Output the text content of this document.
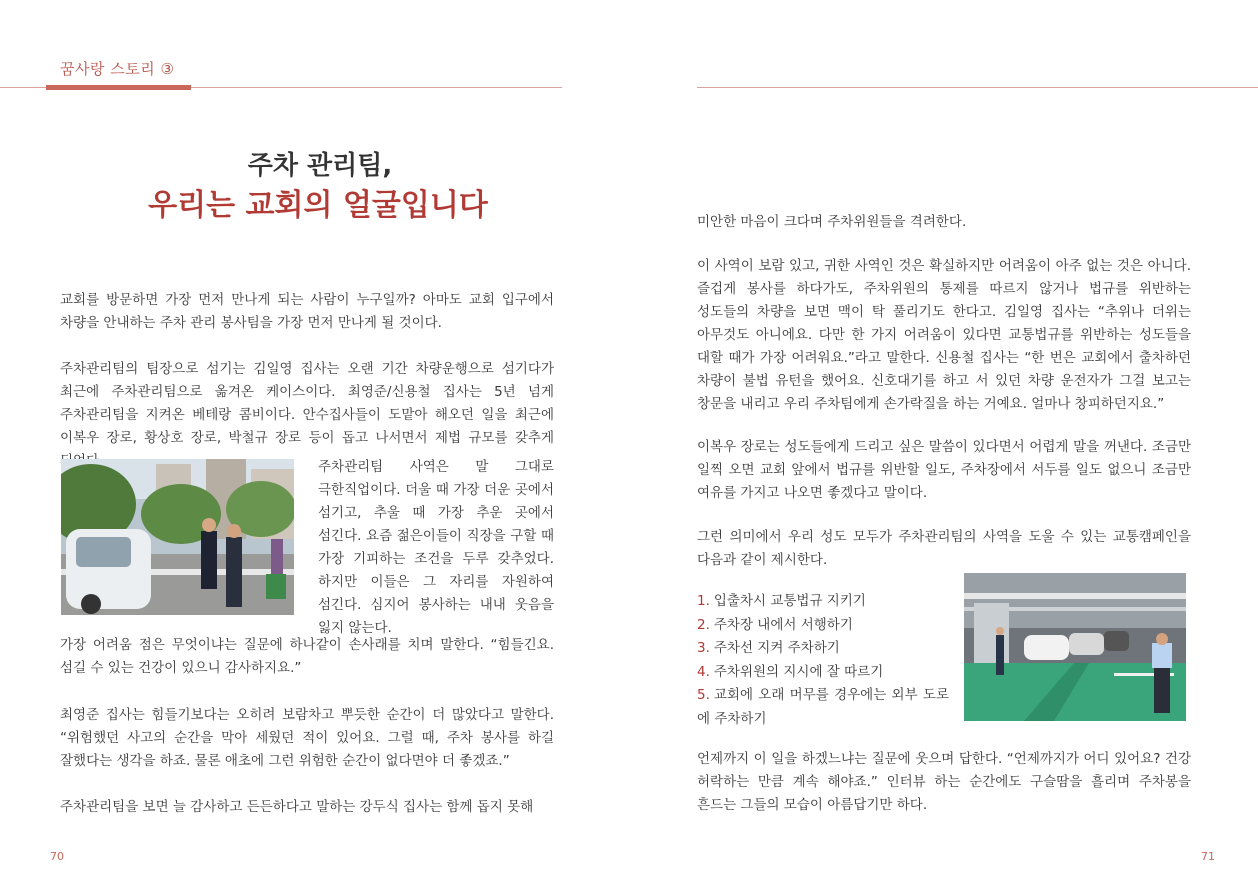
꿈사랑 스토리 ③
주차 관리팀,
우리는 교회의 얼굴입니다

교회를 방문하면 가장 먼저 만나게 되는 사람이 누구일까? 아마도 교회 입구에서 차량을 안내하는 주차 관리 봉사팀을 가장 먼저 만나게 될 것이다.

주차관리팀의 팀장으로 섬기는 김일영 집사는 오랜 기간 차량운행으로 섬기다가 최근에 주차관리팀으로 옮겨온 케이스이다. 최영준/신용철 집사는 5년 넘게 주차관리팀을 지켜온 베테랑 콤비이다. 안수집사들이 도맡아 해오던 일을 최근에 이복우 장로, 황상호 장로, 박철규 장로 등이 돕고 나서면서 제법 규모를 갖추게

주차관리팀 사역은 말 그대로 극한직업이다. 더울 때 가장 더운 곳에서 섬기고, 추울 때 가장 추운 곳에서 섬긴다. 요즘 젊은이들이 직장을 구할 때 가장 기피하는 조건을 두루 갖추었다. 하지만 이들은 그 자리를 자원하여 섬긴다. 심지어 봉사하는 내내 웃음을 잃지 않는다.

가장 어려움 점은 무엇이냐는 질문에 하나같이 손사래를 치며 말한다. “힘들긴요. 섬길 수 있는 건강이 있으니 감사하지요.”

최영준 집사는 힘들기보다는 오히려 보람차고 뿌듯한 순간이 더 많았다고 말한다. “위험했던 사고의 순간을 막아 세웠던 적이 있어요. 그럴 때, 주차 봉사를 하길 잘했다는 생각을 하죠. 물론 애초에 그런 위험한 순간이 없다면야 더 좋겠죠.”

주차관리팀을 보면 늘 감사하고 든든하다고 말하는 강두식 집사는 함께 돕지 못해

70

미안한 마음이 크다며 주차위원들을 격려한다.

이 사역이 보람 있고, 귀한 사역인 것은 확실하지만 어려움이 아주 없는 것은 아니다. 즐겁게 봉사를 하다가도, 주차위원의 통제를 따르지 않거나 법규를 위반하는 성도들의 차량을 보면 맥이 탁 풀리기도 한다고. 김일영 집사는 “추위나 더위는 아무것도 아니에요. 다만 한 가지 어려움이 있다면 교통법규를 위반하는 성도들을 대할 때가 가장 어려워요.”라고 말한다. 신용철 집사는 “한 번은 교회에서 출차하던 차량이 불법 유턴을 했어요. 신호대기를 하고 서 있던 차량 운전자가 그걸 보고는 창문을 내리고 우리 주차팀에게 손가락질을 하는 거예요. 얼마나 창피하던지요.”

이복우 장로는 성도들에게 드리고 싶은 말씀이 있다면서 어렵게 말을 꺼낸다. 조금만 일찍 오면 교회 앞에서 법규를 위반할 일도, 주차장에서 서두를 일도 없으니 조금만 여유를 가지고 나오면 좋겠다고 말이다.

그런 의미에서 우리 성도 모두가 주차관리팀의 사역을 도울 수 있는 교통캠페인을 다음과 같이 제시한다.

1. 입출차시 교통법규 지키기
2. 주차장 내에서 서행하기
3. 주차선 지켜 주차하기
4. 주차위원의 지시에 잘 따르기
5. 교회에 오래 머무를 경우에는 외부 도로에 주차하기

언제까지 이 일을 하겠느냐는 질문에 웃으며 답한다. “언제까지가 어디 있어요? 건강 허락하는 만큼 계속 해야죠.” 인터뷰 하는 순간에도 구슬땀을 흘리며 주차봉을 흔드는 그들의 모습이 아름답기만 하다.

71
